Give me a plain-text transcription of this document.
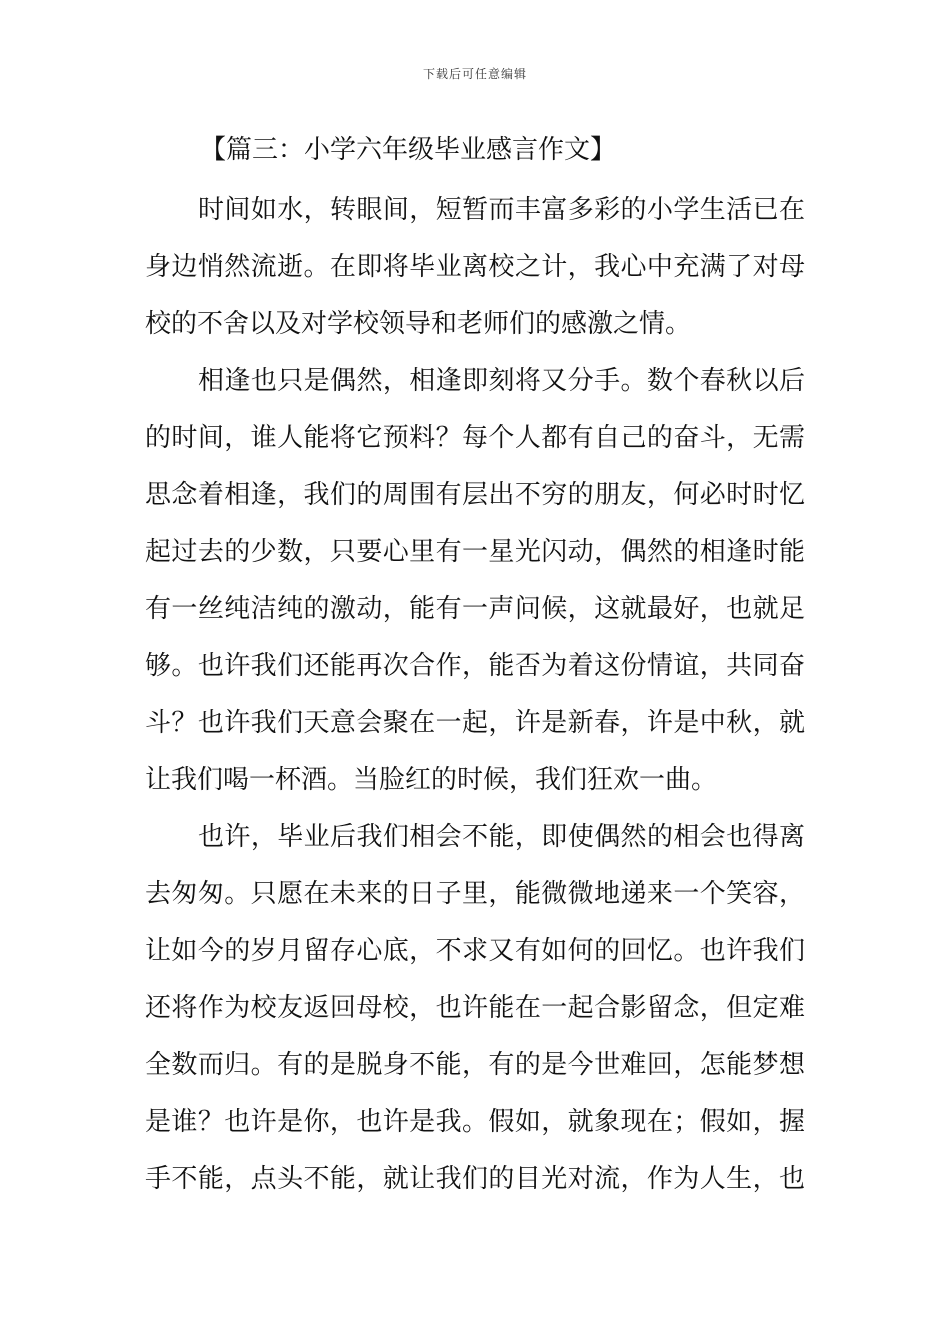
下载后可任意编辑
【篇三：小学六年级毕业感言作文】
时间如水，转眼间，短暂而丰富多彩的小学生活已在
身边悄然流逝。在即将毕业离校之计，我心中充满了对母
校的不舍以及对学校领导和老师们的感激之情。
相逢也只是偶然，相逢即刻将又分手。数个春秋以后
的时间，谁人能将它预料？每个人都有自己的奋斗，无需
思念着相逢，我们的周围有层出不穷的朋友，何必时时忆
起过去的少数，只要心里有一星光闪动，偶然的相逢时能
有一丝纯洁纯的激动，能有一声问候，这就最好，也就足
够。也许我们还能再次合作，能否为着这份情谊，共同奋
斗？也许我们天意会聚在一起，许是新春，许是中秋，就
让我们喝一杯酒。当脸红的时候，我们狂欢一曲。
也许，毕业后我们相会不能，即使偶然的相会也得离
去匆匆。只愿在未来的日子里，能微微地递来一个笑容，
让如今的岁月留存心底，不求又有如何的回忆。也许我们
还将作为校友返回母校，也许能在一起合影留念，但定难
全数而归。有的是脱身不能，有的是今世难回，怎能梦想
是谁？也许是你，也许是我。假如，就象现在；假如，握
手不能，点头不能，就让我们的目光对流，作为人生，也
